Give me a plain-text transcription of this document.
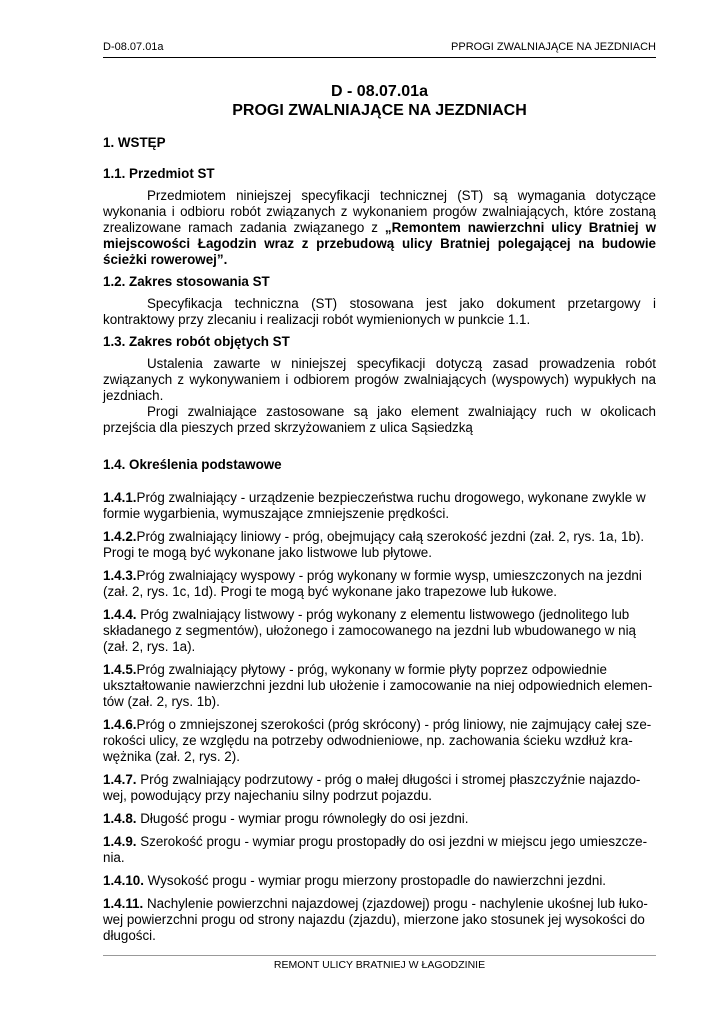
D-08.07.01a	PPROGI ZWALNIAJĄCE NA JEZDNIACH

D - 08.07.01a

PROGI ZWALNIAJĄCE NA JEZDNIACH

1. WSTĘP
1.1. Przedmiot ST

Przedmiotem niniejszej specyfikacji technicznej (ST) są wymagania dotyczące wykonania i odbioru robót związanych z wykonaniem progów zwalniających, które zostaną zrealizowane ramach zadania związanego z „Remontem nawierzchni ulicy Bratniej w miejscowości Łagodzin wraz z przebudową ulicy Bratniej polegającej na budowie ścieżki rowerowej”.

1.2. Zakres stosowania ST

Specyfikacja techniczna (ST) stosowana jest jako dokument przetargowy i kontraktowy przy zlecaniu i realizacji robót wymienionych w punkcie 1.1.

1.3. Zakres robót objętych ST

Ustalenia zawarte w niniejszej specyfikacji dotyczą zasad prowadzenia robót związanych z wykonywaniem i odbiorem progów zwalniających (wyspowych) wypukłych na jezdniach.

Progi zwalniające zastosowane są jako element zwalniający ruch w okolicach przejścia dla pieszych przed skrzyżowaniem z ulica Sąsiedzką

1.4. Określenia podstawowe

1.4.1.Próg zwalniający - urządzenie bezpieczeństwa ruchu drogowego, wykonane zwykle w formie wygarbienia, wymuszające zmniejszenie prędkości.

1.4.2.Próg zwalniający liniowy - próg, obejmujący całą szerokość jezdni (zał. 2, rys. 1a, 1b). Progi te mogą być wykonane jako listwowe lub płytowe.

1.4.3.Próg zwalniający wyspowy - próg wykonany w formie wysp, umieszczonych na jezdni (zał. 2, rys. 1c, 1d). Progi te mogą być wykonane jako trapezowe lub łukowe.

1.4.4. Próg zwalniający listwowy - próg wykonany z elementu listwowego (jednolitego lub składanego z segmentów), ułożonego i zamocowanego na jezdni lub wbudowanego w nią (zał. 2, rys. 1a).

1.4.5.Próg zwalniający płytowy - próg, wykonany w formie płyty poprzez odpowiednie ukształtowanie nawierzchni jezdni lub ułożenie i zamocowanie na niej odpowiednich elemen-tów (zał. 2, rys. 1b).

1.4.6.Próg o zmniejszonej szerokości (próg skrócony) - próg liniowy, nie zajmujący całej sze-rokości ulicy, ze względu na potrzeby odwodnieniowe, np. zachowania ścieku wzdłuż kra-wężnika (zał. 2, rys. 2).

1.4.7. Próg zwalniający podrzutowy - próg o małej długości i stromej płaszczyźnie najazdo-wej, powodujący przy najechaniu silny podrzut pojazdu.

1.4.8. Długość progu - wymiar progu równoległy do osi jezdni.

1.4.9. Szerokość progu - wymiar progu prostopadły do osi jezdni w miejscu jego umieszcze-nia.

1.4.10. Wysokość progu - wymiar progu mierzony prostopadle do nawierzchni jezdni.

1.4.11. Nachylenie powierzchni najazdowej (zjazdowej) progu - nachylenie ukośnej lub łuko-wej powierzchni progu od strony najazdu (zjazdu), mierzone jako stosunek jej wysokości do długości.

REMONT ULICY BRATNIEJ W ŁAGODZINIE
